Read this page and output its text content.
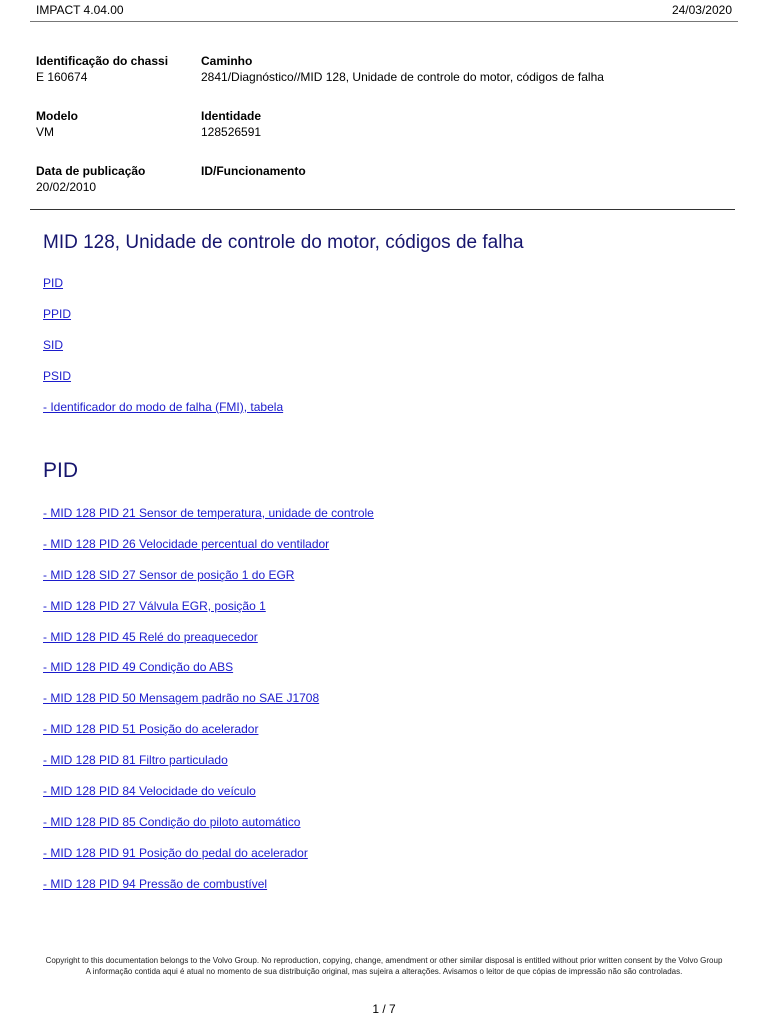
IMPACT 4.04.00	24/03/2020
Identificação do chassi
E 160674
Caminho
2841/Diagnóstico//MID 128, Unidade de controle do motor, códigos de falha
Modelo
VM
Identidade
128526591
Data de publicação
20/02/2010
ID/Funcionamento
MID 128, Unidade de controle do motor, códigos de falha
PID
PPID
SID
PSID
- Identificador do modo de falha (FMI), tabela
PID
- MID 128 PID 21 Sensor de temperatura, unidade de controle
- MID 128 PID 26 Velocidade percentual do ventilador
- MID 128 SID 27 Sensor de posição 1 do EGR
- MID 128 PID 27 Válvula EGR, posição 1
- MID 128 PID 45 Relé do preaquecedor
- MID 128 PID 49 Condição do ABS
- MID 128 PID 50 Mensagem padrão no SAE J1708
- MID 128 PID 51 Posição do acelerador
- MID 128 PID 81 Filtro particulado
- MID 128 PID 84 Velocidade do veículo
- MID 128 PID 85 Condição do piloto automático
- MID 128 PID 91 Posição do pedal do acelerador
- MID 128 PID 94 Pressão de combustível
Copyright to this documentation belongs to the Volvo Group. No reproduction, copying, change, amendment or other similar disposal is entitled without prior written consent by the Volvo Group
A informação contida aqui é atual no momento de sua distribuição original, mas sujeira a alterações. Avisamos o leitor de que cópias de impressão não são controladas.
1 / 7
